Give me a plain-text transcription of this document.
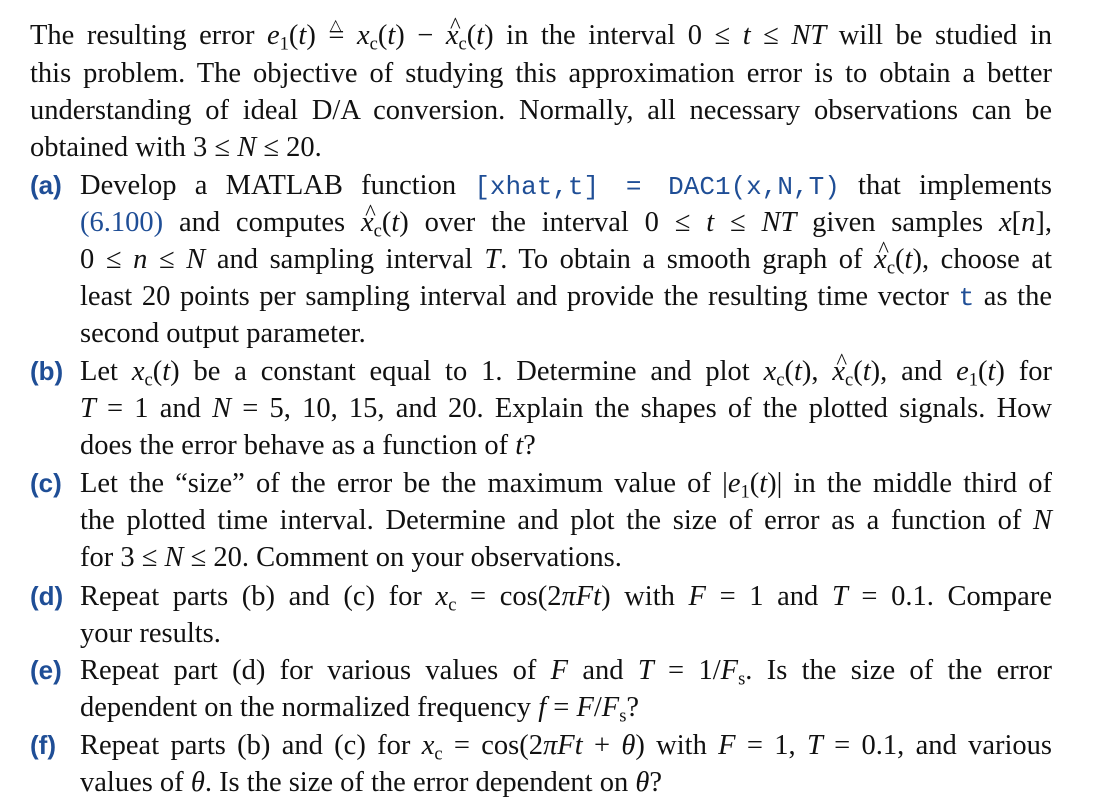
The resulting error $e_1(t)$ △ = $x_c(t)$ − ^ $x_c(t)$ in the interval 0 ≤ t ≤ NT will be studied in
this problem. The objective of studying this approximation error is to obtain a better
understanding of ideal D/A conversion. Normally, all necessary observations can be
obtained with 3 ≤ N ≤ 20.
(a) Develop a MATLAB function [xhat,t] = DAC1(x,N,T) that implements
(6.100) and computes ^ $x_c(t)$ over the interval 0 ≤ t ≤ NT given samples x[n],
0 ≤ n ≤ N and sampling interval T. To obtain a smooth graph of ^ $x_c(t)$, choose at
least 20 points per sampling interval and provide the resulting time vector t as the
second output parameter.
(b) Let $x_c(t)$ be a constant equal to 1. Determine and plot $x_c(t)$, ^ $x_c(t)$, and $e_1(t)$ for
T = 1 and N = 5, 10, 15, and 20. Explain the shapes of the plotted signals. How
does the error behave as a function of t?
(c) Let the “size” of the error be the maximum value of $|e_1(t)|$ in the middle third of
the plotted time interval. Determine and plot the size of error as a function of N
for 3 ≤ N ≤ 20. Comment on your observations.
(d) Repeat parts (b) and (c) for $x_c = \cos(2\pi Ft)$ with F = 1 and T = 0.1. Compare
your results.
(e) Repeat part (d) for various values of F and $T = 1/F_s$. Is the size of the error
dependent on the normalized frequency $f = F/F_s$?
(f) Repeat parts (b) and (c) for $x_c = \cos(2\pi Ft + \theta)$ with F = 1, T = 0.1, and various
values of θ. Is the size of the error dependent on θ?
